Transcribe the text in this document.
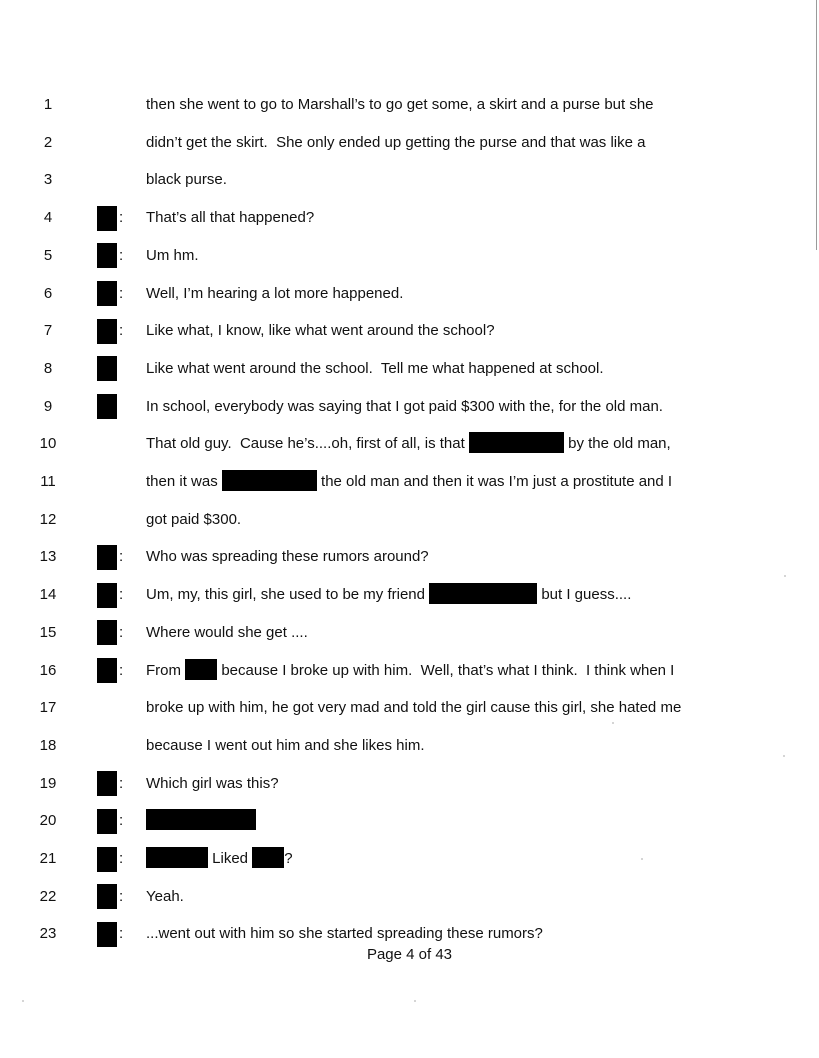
1	then she went to go to Marshall’s to go get some, a skirt and a purse but she
2	didn’t get the skirt.  She only ended up getting the purse and that was like a
3	black purse.
4	: That’s all that happened?
5	: Um hm.
6	: Well, I’m hearing a lot more happened.
7	: Like what, I know, like what went around the school?
8	Like what went around the school.  Tell me what happened at school.
9	In school, everybody was saying that I got paid $300 with the, for the old man.
10	That old guy.  Cause he’s....oh, first of all, is that	by the old man,
11	then it was	the old man and then it was I’m just a prostitute and I
12	got paid $300.
13	: Who was spreading these rumors around?
14	: Um, my, this girl, she used to be my friend	but I guess....
15	: Where would she get ....
16	: From  because I broke up with him.  Well, that’s what I think.  I think when I
17	broke up with him, he got very mad and told the girl cause this girl, she hated me
18	because I went out him and she likes him.
19	: Which girl was this?
20	:
21	:	Liked ?
22	: Yeah.
23	: ...went out with him so she started spreading these rumors?
Page 4 of 43
